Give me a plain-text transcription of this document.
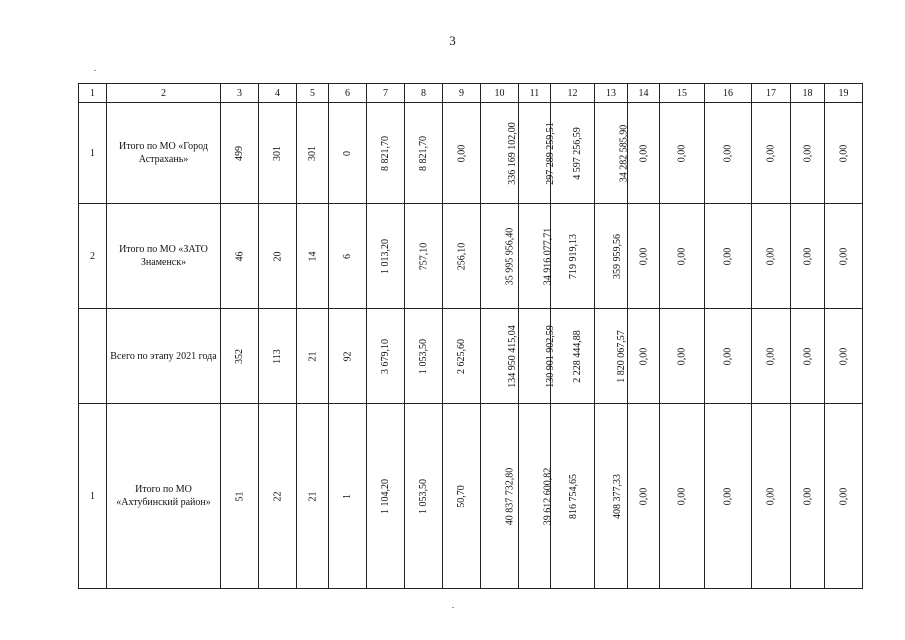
3
1	2	3	4	5	6	7	8	9	10	11	12	13	14	15	16	17	18	19
1	Итого по МО «Город Астрахань»	499	301	301	0	8 821,70	8 821,70	0,00	336 169 102,00	297 289 259,51	4 597 256,59	34 282 585,90	0,00	0,00	0,00	0,00	0,00	0,00
2	Итого по МО «ЗАТО Знаменск»	46	20	14	6	1 013,20	757,10	256,10	35 995 956,40	34 916 077,71	719 919,13	359 959,56	0,00	0,00	0,00	0,00	0,00	0,00
	Всего по этапу 2021 года	352	113	21	92	3 679,10	1 053,50	2 625,60	134 950 415,04	130 901 902,59	2 228 444,88	1 820 067,57	0,00	0,00	0,00	0,00	0,00	0,00
1	Итого по МО «Ахтубинский район»	51	22	21	1	1 104,20	1 053,50	50,70	40 837 732,80	39 612 600,82	816 754,65	408 377,33	0,00	0,00	0,00	0,00	0,00	0,00
